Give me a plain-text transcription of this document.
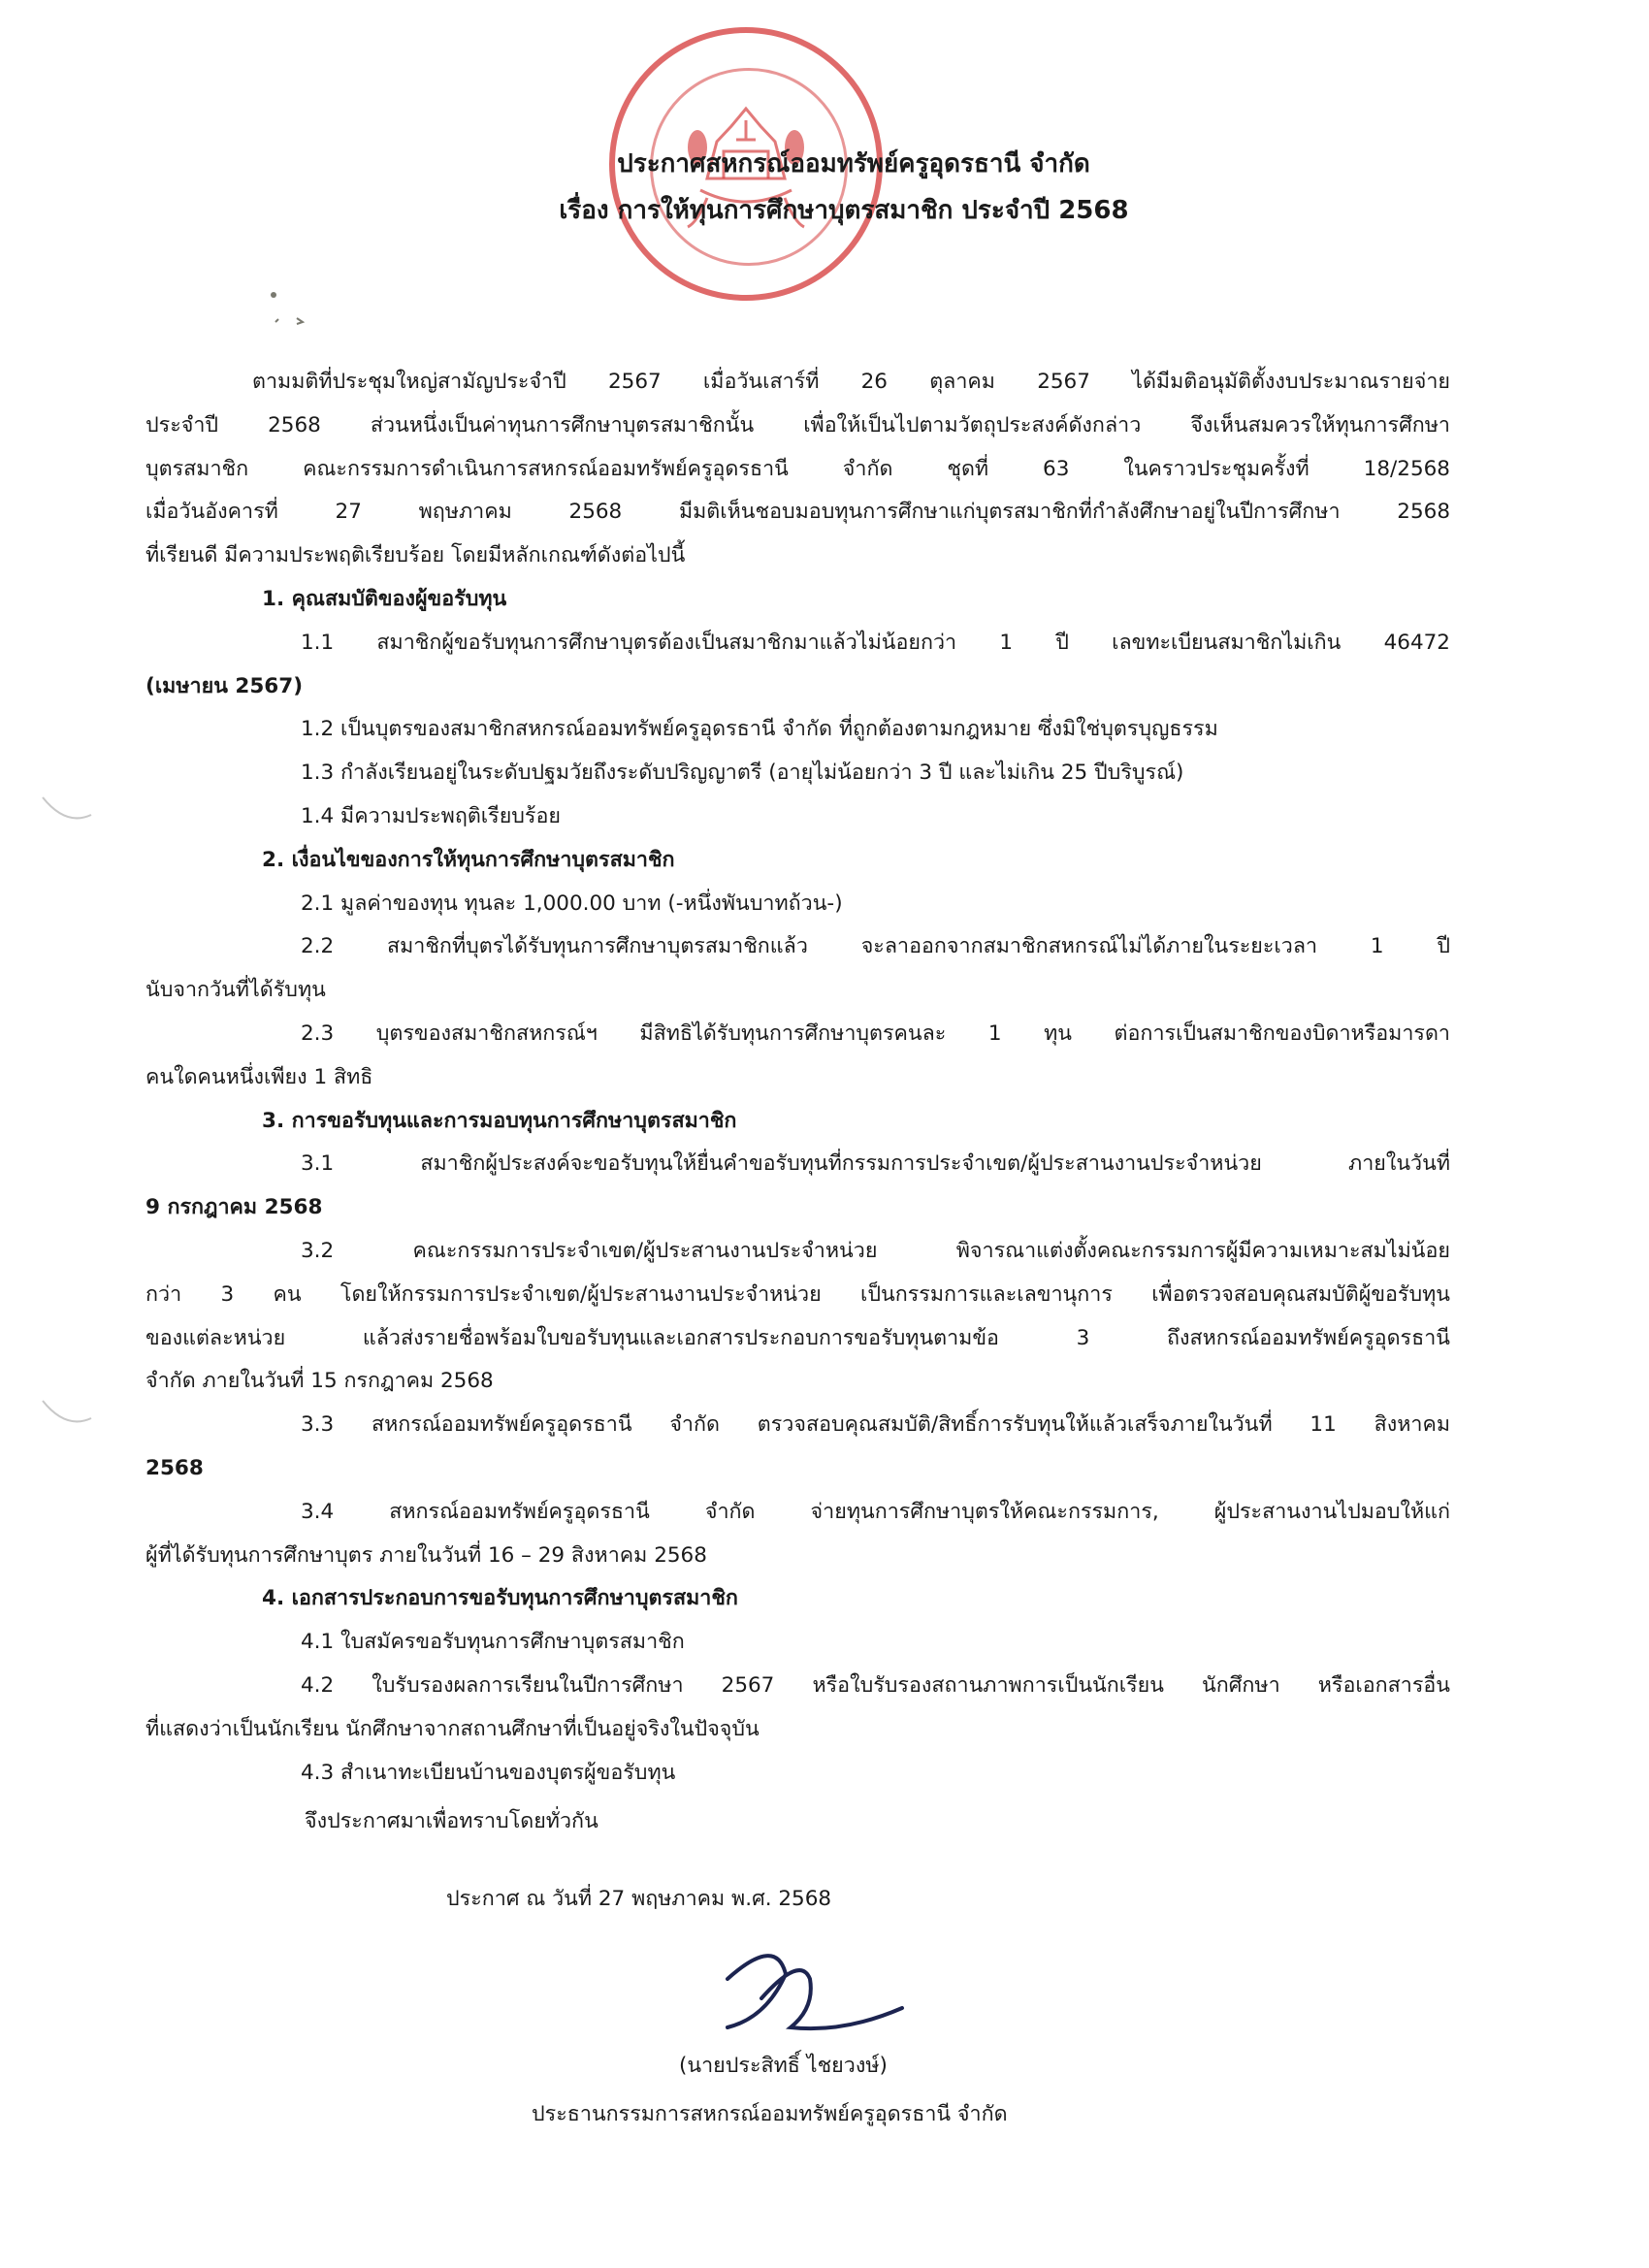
ประกาศสหกรณ์ออมทรัพย์ครูอุดรธานี จำกัด
เรื่อง การให้ทุนการศึกษาบุตรสมาชิก ประจำปี 2568
ตามมติที่ประชุมใหญ่สามัญประจำปี 2567 เมื่อวันเสาร์ที่ 26 ตุลาคม 2567 ได้มีมติอนุมัติตั้งงบประมาณรายจ่าย
ประจำปี 2568 ส่วนหนึ่งเป็นค่าทุนการศึกษาบุตรสมาชิกนั้น เพื่อให้เป็นไปตามวัตถุประสงค์ดังกล่าว จึงเห็นสมควรให้ทุนการศึกษา
บุตรสมาชิก คณะกรรมการดำเนินการสหกรณ์ออมทรัพย์ครูอุดรธานี จำกัด ชุดที่ 63 ในคราวประชุมครั้งที่ 18/2568
เมื่อวันอังคารที่ 27 พฤษภาคม 2568 มีมติเห็นชอบมอบทุนการศึกษาแก่บุตรสมาชิกที่กำลังศึกษาอยู่ในปีการศึกษา 2568
ที่เรียนดี มีความประพฤติเรียบร้อย โดยมีหลักเกณฑ์ดังต่อไปนี้
1. คุณสมบัติของผู้ขอรับทุน
1.1 สมาชิกผู้ขอรับทุนการศึกษาบุตรต้องเป็นสมาชิกมาแล้วไม่น้อยกว่า 1 ปี เลขทะเบียนสมาชิกไม่เกิน 46472
(เมษายน 2567)
1.2 เป็นบุตรของสมาชิกสหกรณ์ออมทรัพย์ครูอุดรธานี จำกัด ที่ถูกต้องตามกฎหมาย ซึ่งมิใช่บุตรบุญธรรม
1.3 กำลังเรียนอยู่ในระดับปฐมวัยถึงระดับปริญญาตรี (อายุไม่น้อยกว่า 3 ปี และไม่เกิน 25 ปีบริบูรณ์)
1.4 มีความประพฤติเรียบร้อย
2. เงื่อนไขของการให้ทุนการศึกษาบุตรสมาชิก
2.1 มูลค่าของทุน ทุนละ 1,000.00 บาท (-หนึ่งพันบาทถ้วน-)
2.2 สมาชิกที่บุตรได้รับทุนการศึกษาบุตรสมาชิกแล้ว จะลาออกจากสมาชิกสหกรณ์ไม่ได้ภายในระยะเวลา 1 ปี
นับจากวันที่ได้รับทุน
2.3 บุตรของสมาชิกสหกรณ์ฯ มีสิทธิได้รับทุนการศึกษาบุตรคนละ 1 ทุน ต่อการเป็นสมาชิกของบิดาหรือมารดา
คนใดคนหนึ่งเพียง 1 สิทธิ
3. การขอรับทุนและการมอบทุนการศึกษาบุตรสมาชิก
3.1 สมาชิกผู้ประสงค์จะขอรับทุนให้ยื่นคำขอรับทุนที่กรรมการประจำเขต/ผู้ประสานงานประจำหน่วย ภายในวันที่
9 กรกฎาคม 2568
3.2 คณะกรรมการประจำเขต/ผู้ประสานงานประจำหน่วย พิจารณาแต่งตั้งคณะกรรมการผู้มีความเหมาะสมไม่น้อย
กว่า 3 คน โดยให้กรรมการประจำเขต/ผู้ประสานงานประจำหน่วย เป็นกรรมการและเลขานุการ เพื่อตรวจสอบคุณสมบัติผู้ขอรับทุน
ของแต่ละหน่วย แล้วส่งรายชื่อพร้อมใบขอรับทุนและเอกสารประกอบการขอรับทุนตามข้อ 3 ถึงสหกรณ์ออมทรัพย์ครูอุดรธานี
จำกัด ภายในวันที่ 15 กรกฎาคม 2568
3.3 สหกรณ์ออมทรัพย์ครูอุดรธานี จำกัด ตรวจสอบคุณสมบัติ/สิทธิ์การรับทุนให้แล้วเสร็จภายในวันที่ 11 สิงหาคม
2568
3.4 สหกรณ์ออมทรัพย์ครูอุดรธานี จำกัด จ่ายทุนการศึกษาบุตรให้คณะกรรมการ, ผู้ประสานงานไปมอบให้แก่
ผู้ที่ได้รับทุนการศึกษาบุตร ภายในวันที่ 16 – 29 สิงหาคม 2568
4. เอกสารประกอบการขอรับทุนการศึกษาบุตรสมาชิก
4.1 ใบสมัครขอรับทุนการศึกษาบุตรสมาชิก
4.2 ใบรับรองผลการเรียนในปีการศึกษา 2567 หรือใบรับรองสถานภาพการเป็นนักเรียน นักศึกษา หรือเอกสารอื่น
ที่แสดงว่าเป็นนักเรียน นักศึกษาจากสถานศึกษาที่เป็นอยู่จริงในปัจจุบัน
4.3 สำเนาทะเบียนบ้านของบุตรผู้ขอรับทุน
จึงประกาศมาเพื่อทราบโดยทั่วกัน
ประกาศ ณ วันที่ 27 พฤษภาคม พ.ศ. 2568
(นายประสิทธิ์ ไชยวงษ์)
ประธานกรรมการสหกรณ์ออมทรัพย์ครูอุดรธานี จำกัด
